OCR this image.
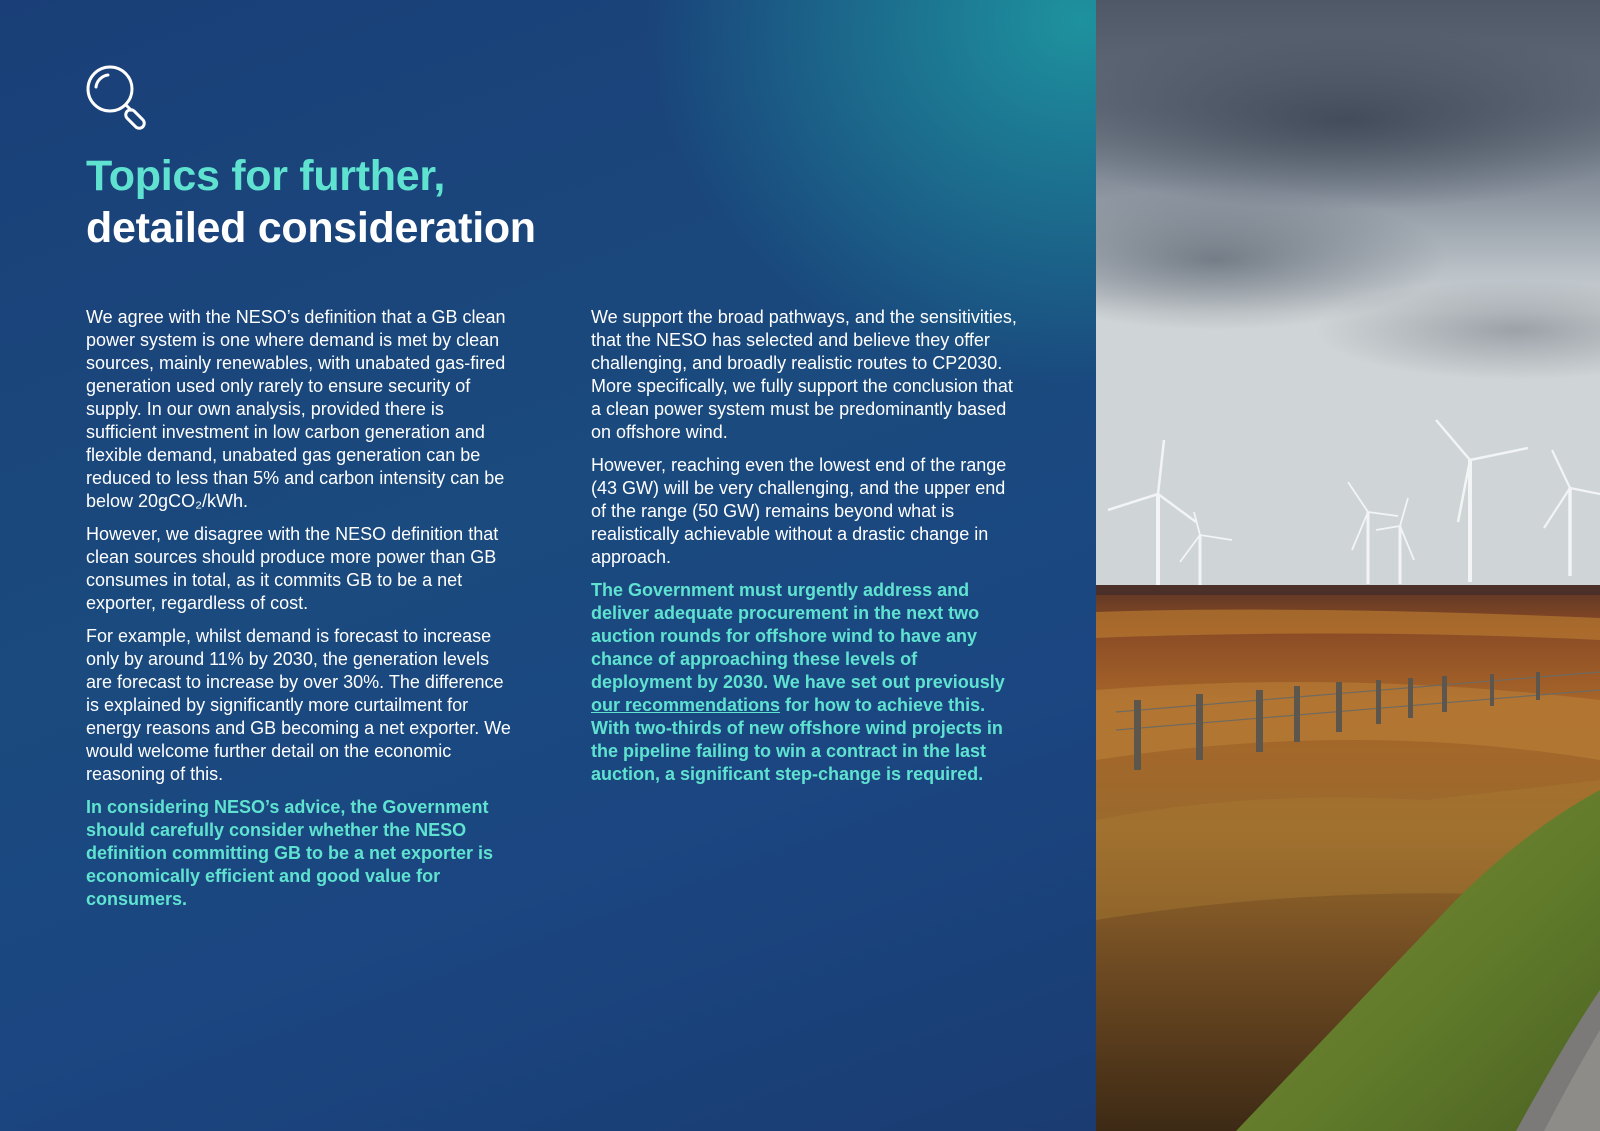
Topics for further,
detailed consideration

We agree with the NESO’s definition that a GB clean power system is one where demand is met by clean sources, mainly renewables, with unabated gas-fired generation used only rarely to ensure security of supply. In our own analysis, provided there is sufficient investment in low carbon generation and flexible demand, unabated gas generation can be reduced to less than 5% and carbon intensity can be below 20gCO₂/kWh.

However, we disagree with the NESO definition that clean sources should produce more power than GB consumes in total, as it commits GB to be a net exporter, regardless of cost.

For example, whilst demand is forecast to increase only by around 11% by 2030, the generation levels are forecast to increase by over 30%. The difference is explained by significantly more curtailment for energy reasons and GB becoming a net exporter. We would welcome further detail on the economic reasoning of this.

In considering NESO’s advice, the Government should carefully consider whether the NESO definition committing GB to be a net exporter is economically efficient and good value for consumers.

We support the broad pathways, and the sensitivities, that the NESO has selected and believe they offer challenging, and broadly realistic routes to CP2030. More specifically, we fully support the conclusion that a clean power system must be predominantly based on offshore wind.

However, reaching even the lowest end of the range (43 GW) will be very challenging, and the upper end of the range (50 GW) remains beyond what is realistically achievable without a drastic change in approach.

The Government must urgently address and deliver adequate procurement in the next two auction rounds for offshore wind to have any chance of approaching these levels of deployment by 2030. We have set out previously our recommendations for how to achieve this. With two-thirds of new offshore wind projects in the pipeline failing to win a contract in the last auction, a significant step-change is required.
